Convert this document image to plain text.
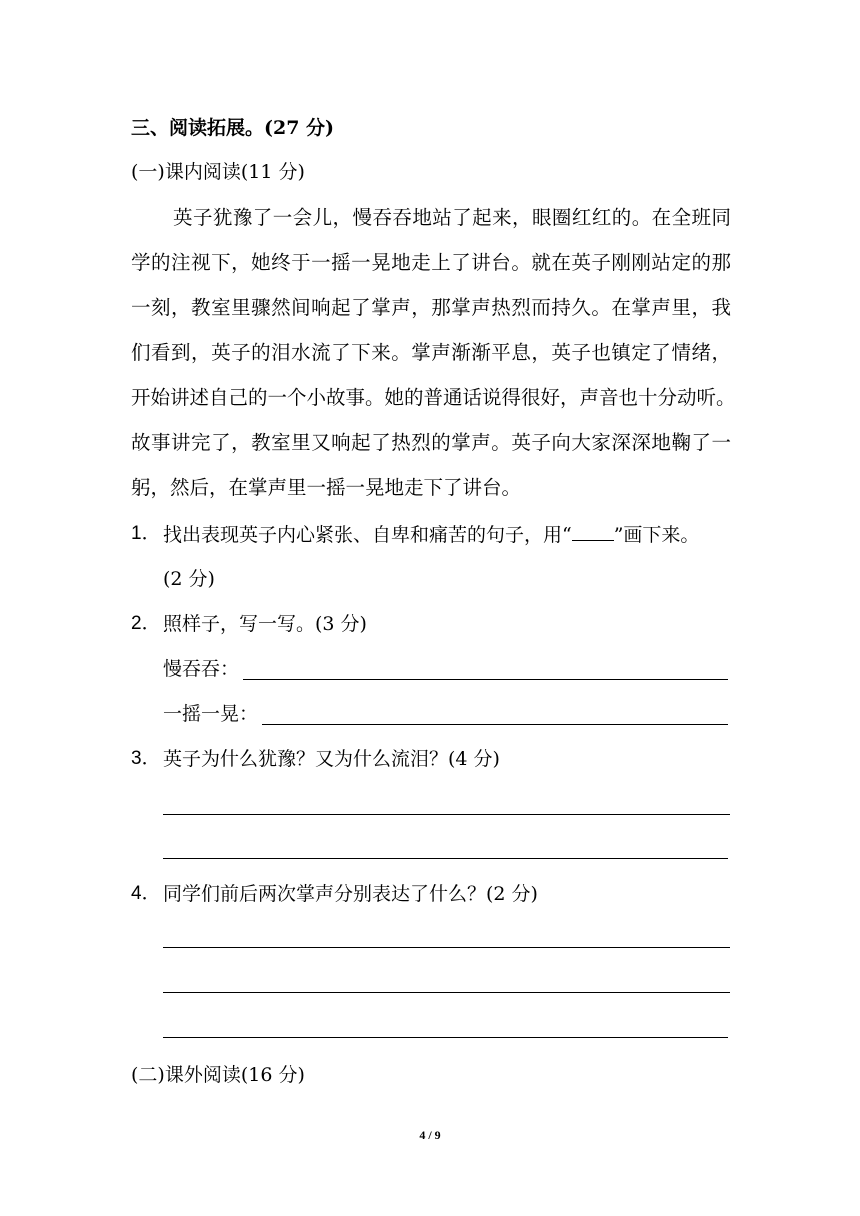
三、阅读拓展。(27 分)
(一)课内阅读(11 分)
英子犹豫了一会儿，慢吞吞地站了起来，眼圈红红的。在全班同
学的注视下，她终于一摇一晃地走上了讲台。就在英子刚刚站定的那
一刻，教室里骤然间响起了掌声，那掌声热烈而持久。在掌声里，我
们看到，英子的泪水流了下来。掌声渐渐平息，英子也镇定了情绪，
开始讲述自己的一个小故事。她的普通话说得很好，声音也十分动听。
故事讲完了，教室里又响起了热烈的掌声。英子向大家深深地鞠了一
躬，然后，在掌声里一摇一晃地走下了讲台。
1． 找出表现英子内心紧张、自卑和痛苦的句子，用“ ”画下来。
(2 分)
2． 照样子，写一写。(3 分)
慢吞吞：
一摇一晃：
3． 英子为什么犹豫？又为什么流泪？(4 分)
4． 同学们前后两次掌声分别表达了什么？(2 分)
(二)课外阅读(16 分)
4 / 9
